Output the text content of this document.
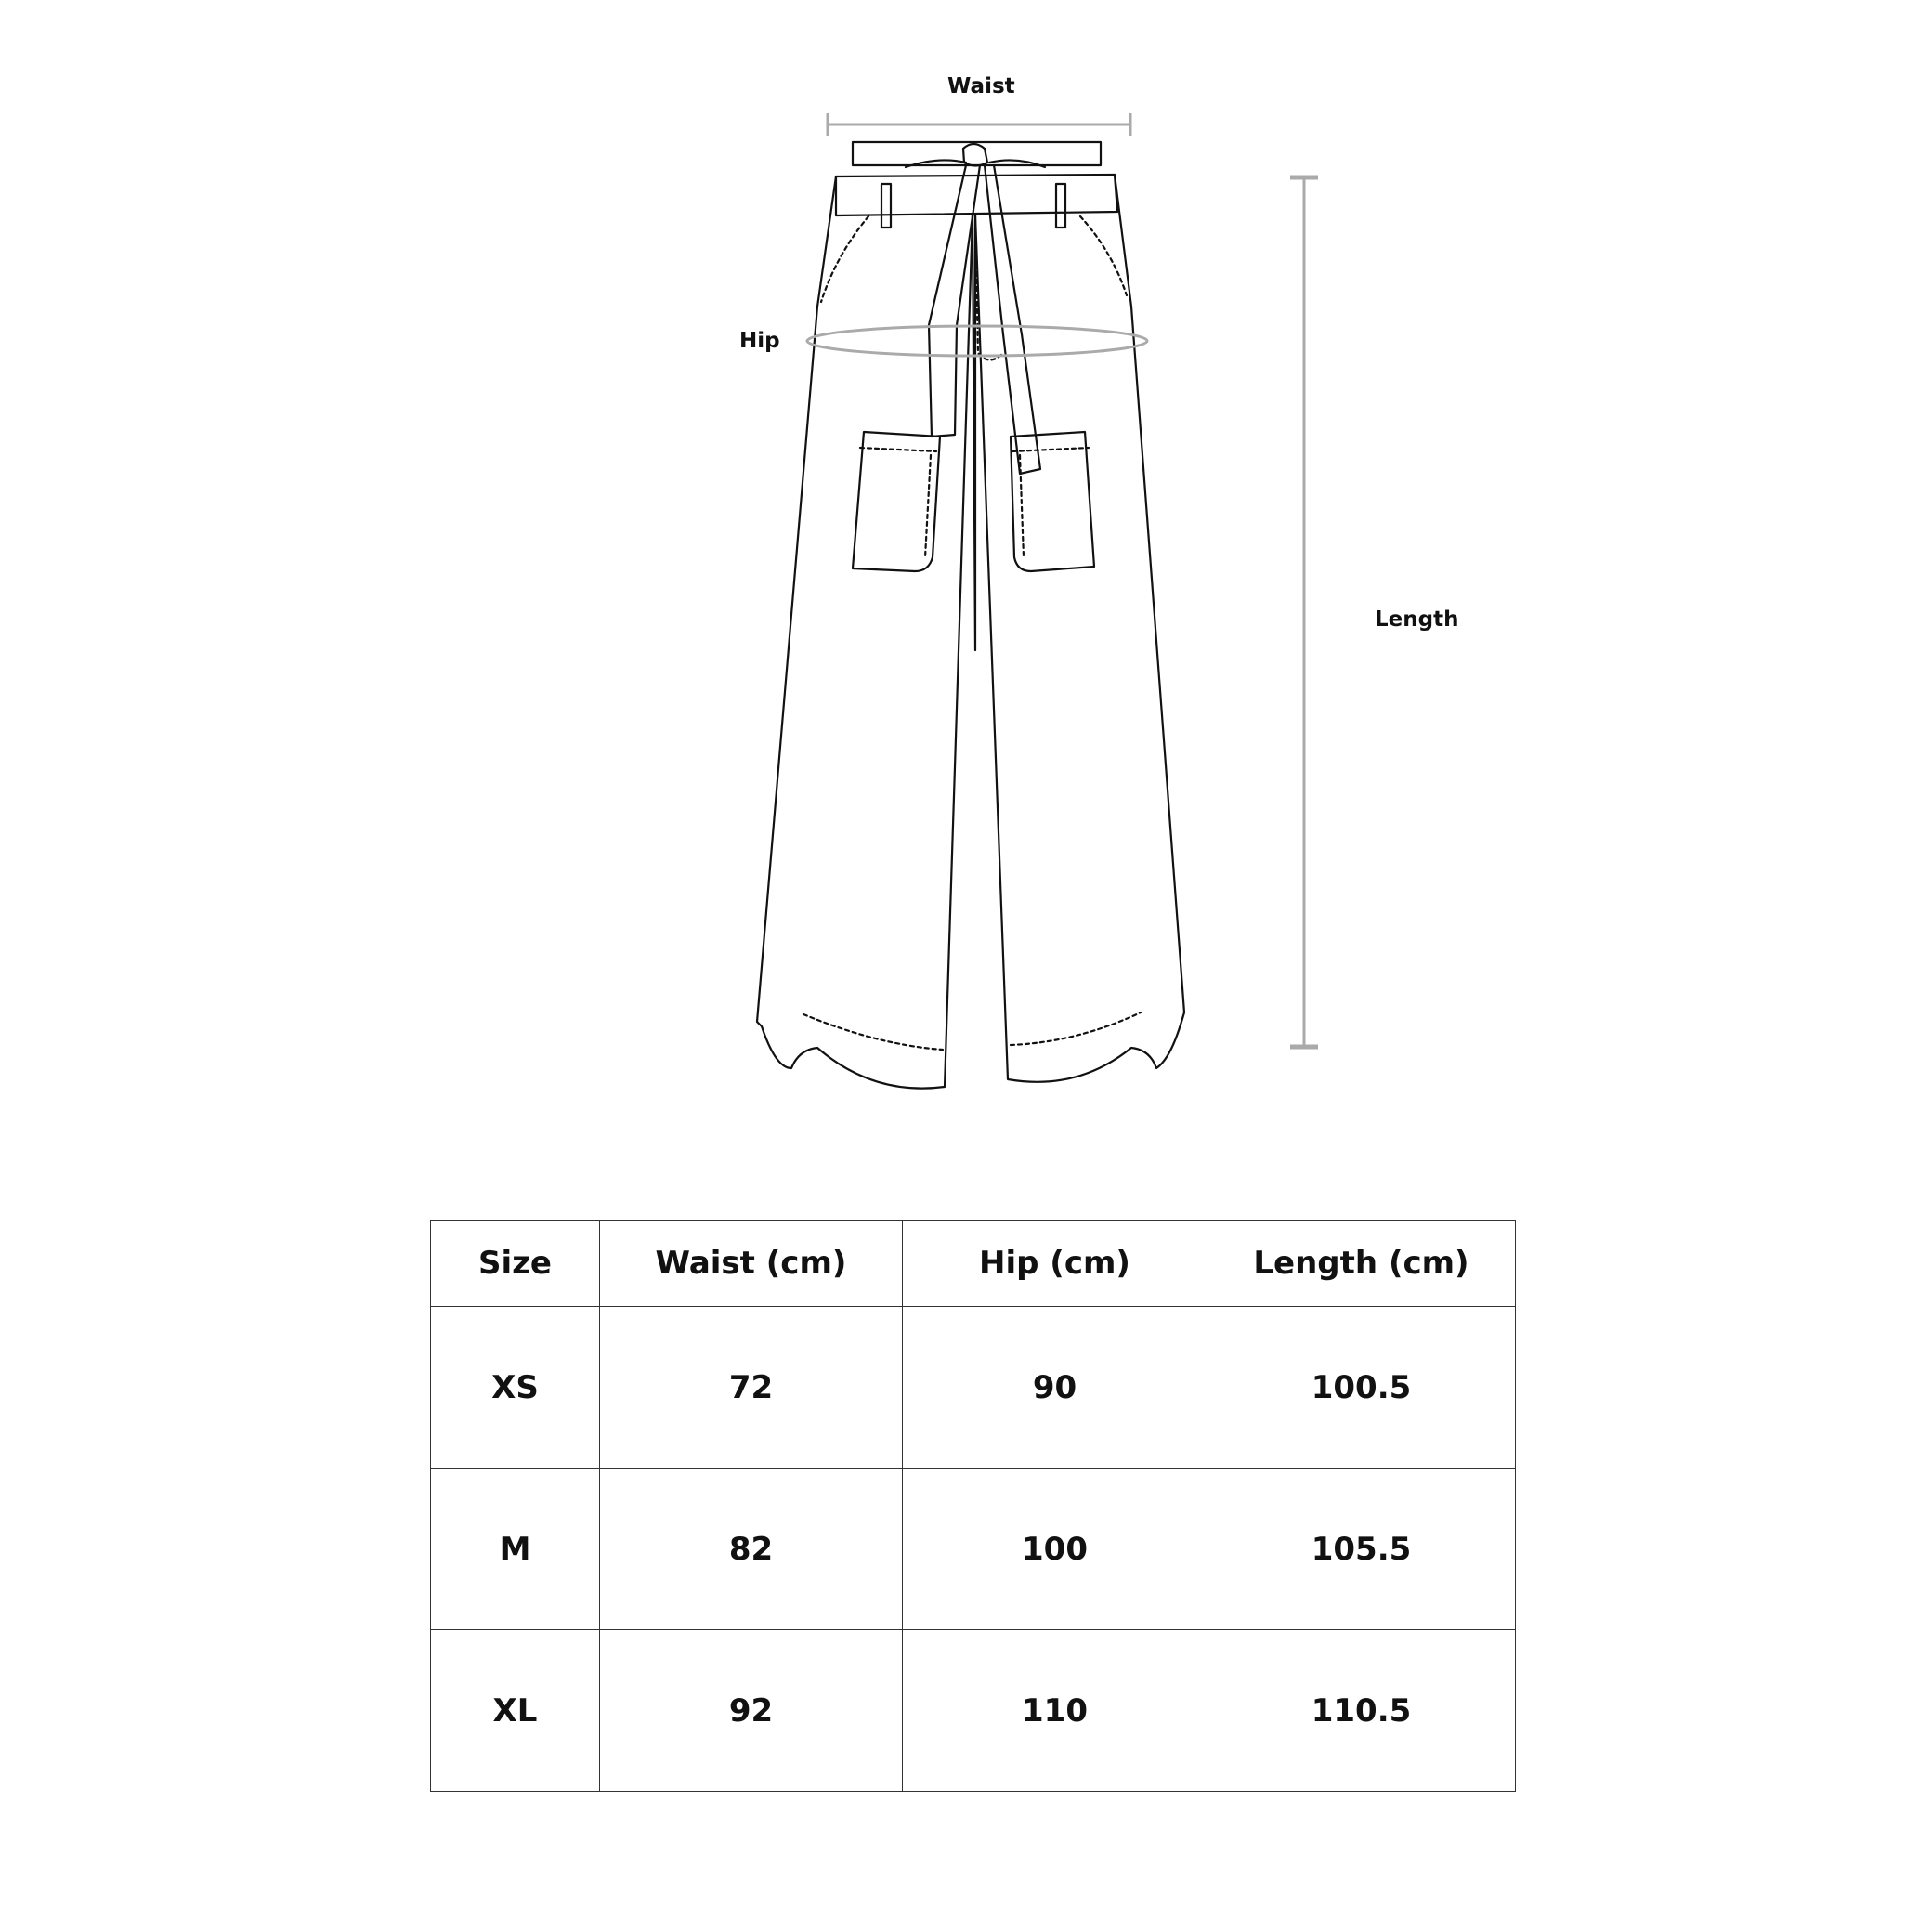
Waist
Hip
Length
Size	Waist (cm)	Hip (cm)	Length (cm)
XS	72	90	100.5
M	82	100	105.5
XL	92	110	110.5
